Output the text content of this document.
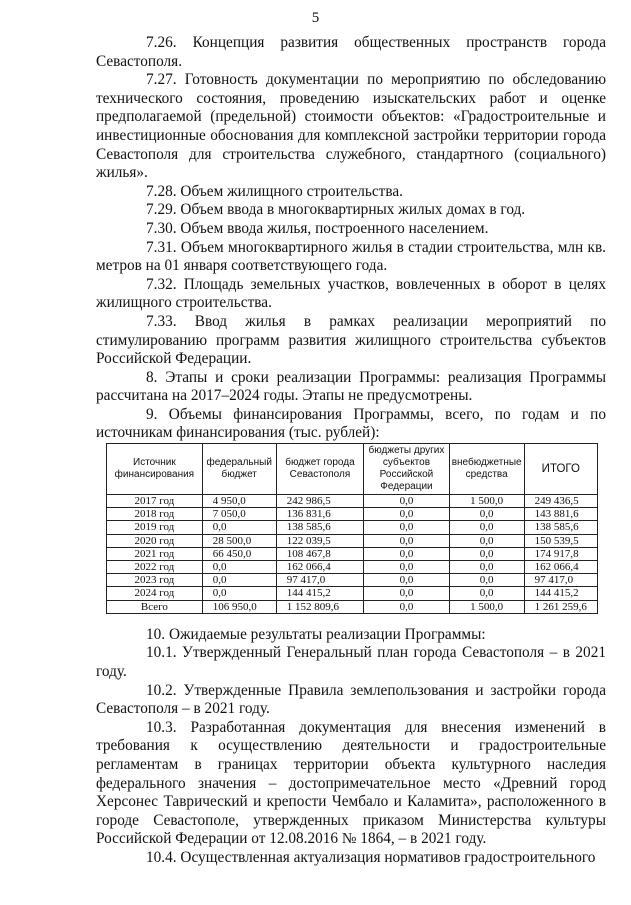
5

7.26. Концепция развития общественных пространств города Севастополя.

7.27. Готовность документации по мероприятию по обследованию технического состояния, проведению изыскательских работ и оценке предполагаемой (предельной) стоимости объектов: «Градостроительные и инвестиционные обоснования для комплексной застройки территории города Севастополя для строительства служебного, стандартного (социального) жилья».

7.28. Объем жилищного строительства.

7.29. Объем ввода в многоквартирных жилых домах в год.

7.30. Объем ввода жилья, построенного населением.

7.31. Объем многоквартирного жилья в стадии строительства, млн кв. метров на 01 января соответствующего года.

7.32. Площадь земельных участков, вовлеченных в оборот в целях жилищного строительства.

7.33. Ввод жилья в рамках реализации мероприятий по стимулированию программ развития жилищного строительства субъектов Российской Федерации.

8. Этапы и сроки реализации Программы: реализация Программы рассчитана на 2017–2024 годы. Этапы не предусмотрены.

9. Объемы финансирования Программы, всего, по годам и по источникам финансирования (тыс. рублей):

Источник финансирования	федеральный бюджет	бюджет города Севастополя	бюджеты других субъектов Российской Федерации	внебюджетные средства	ИТОГО
2017 год	4 950,0	242 986,5	0,0	1 500,0	249 436,5
2018 год	7 050,0	136 831,6	0,0	0,0	143 881,6
2019 год	0,0	138 585,6	0,0	0,0	138 585,6
2020 год	28 500,0	122 039,5	0,0	0,0	150 539,5
2021 год	66 450,0	108 467,8	0,0	0,0	174 917,8
2022 год	0,0	162 066,4	0,0	0,0	162 066,4
2023 год	0,0	97 417,0	0,0	0,0	97 417,0
2024 год	0,0	144 415,2	0,0	0,0	144 415,2
Всего	106 950,0	1 152 809,6	0,0	1 500,0	1 261 259,6

10. Ожидаемые результаты реализации Программы:

10.1. Утвержденный Генеральный план города Севастополя – в 2021 году.

10.2. Утвержденные Правила землепользования и застройки города Севастополя – в 2021 году.

10.3. Разработанная документация для внесения изменений в требования к осуществлению деятельности и градостроительные регламентам в границах территории объекта культурного наследия федерального значения – достопримечательное место «Древний город Херсонес Таврический и крепости Чембало и Каламита», расположенного в городе Севастополе, утвержденных приказом Министерства культуры Российской Федерации от 12.08.2016 № 1864, – в 2021 году.

10.4. Осуществленная актуализация нормативов градостроительного
